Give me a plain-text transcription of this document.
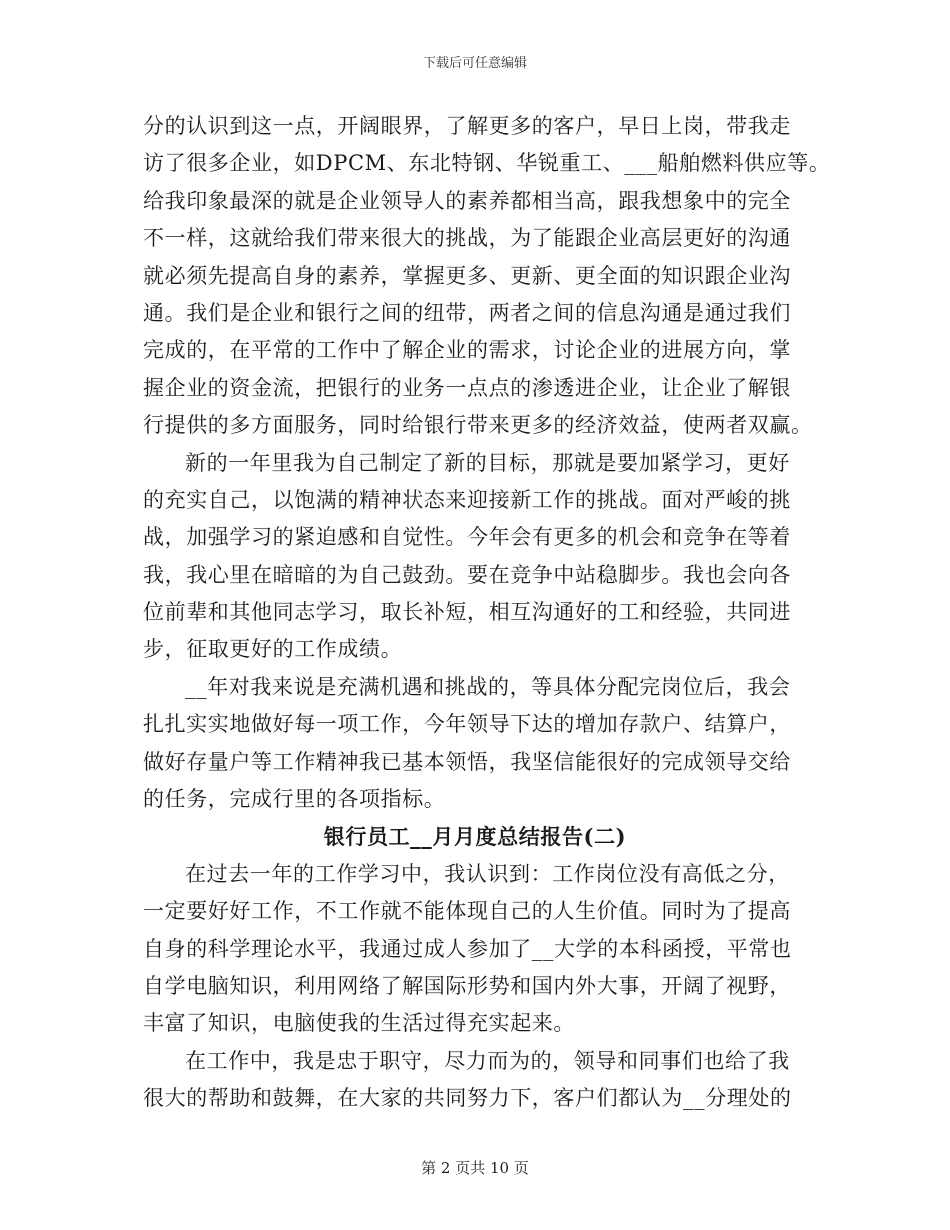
下载后可任意编辑
分的认识到这一点，开阔眼界，了解更多的客户，早日上岗，带我走
访了很多企业，如DPCM、东北特钢、华锐重工、___船舶燃料供应等。
给我印象最深的就是企业领导人的素养都相当高，跟我想象中的完全
不一样，这就给我们带来很大的挑战，为了能跟企业高层更好的沟通
就必须先提高自身的素养，掌握更多、更新、更全面的知识跟企业沟
通。我们是企业和银行之间的纽带，两者之间的信息沟通是通过我们
完成的，在平常的工作中了解企业的需求，讨论企业的进展方向，掌
握企业的资金流，把银行的业务一点点的渗透进企业，让企业了解银
行提供的多方面服务，同时给银行带来更多的经济效益，使两者双赢。
新的一年里我为自己制定了新的目标，那就是要加紧学习，更好
的充实自己，以饱满的精神状态来迎接新工作的挑战。面对严峻的挑
战，加强学习的紧迫感和自觉性。今年会有更多的机会和竞争在等着
我，我心里在暗暗的为自己鼓劲。要在竞争中站稳脚步。我也会向各
位前辈和其他同志学习，取长补短，相互沟通好的工和经验，共同进
步，征取更好的工作成绩。
__年对我来说是充满机遇和挑战的，等具体分配完岗位后，我会
扎扎实实地做好每一项工作，今年领导下达的增加存款户、结算户，
做好存量户等工作精神我已基本领悟，我坚信能很好的完成领导交给
的任务，完成行里的各项指标。
银行员工__月月度总结报告(二)
在过去一年的工作学习中，我认识到：工作岗位没有高低之分，
一定要好好工作，不工作就不能体现自己的人生价值。同时为了提高
自身的科学理论水平，我通过成人参加了__大学的本科函授，平常也
自学电脑知识，利用网络了解国际形势和国内外大事，开阔了视野，
丰富了知识，电脑使我的生活过得充实起来。
在工作中，我是忠于职守，尽力而为的，领导和同事们也给了我
很大的帮助和鼓舞，在大家的共同努力下，客户们都认为__分理处的
第 2 页共 10 页
